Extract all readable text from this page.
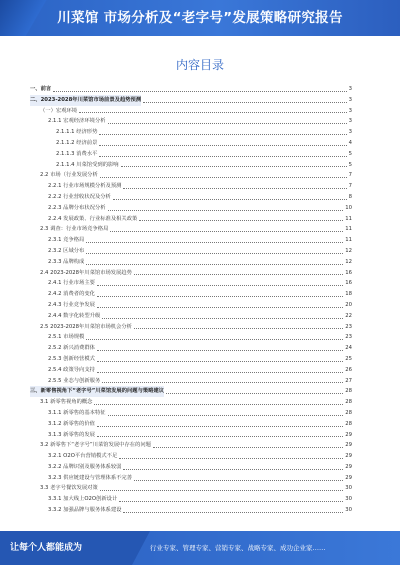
川菜馆 市场分析及“老字号”发展策略研究报告
内容目录
一、前言	3
二、2023-2028年川菜馆市场前景及趋势预测	3
（一）宏观环境	3
2.1.1 宏观经济环境分析	3
2.1.1.1 经济形势	3
2.1.1.2 经济前景	4
2.1.1.3 消费水平	5
2.1.1.4 川菜馆受到的影响	5
2.2 市场（行业发展分析	7
2.2.1 行业市场规模分析及预测	7
2.2.2 行业营收状况及分析	8
2.2.3 品牌分布状况分析	10
2.2.4 发展政策、行业标准及相关政策	11
2.3 调查：行业市场竞争格局	11
2.3.1 竞争格局	11
2.3.2 区域分布	12
2.3.3 品牌构成	12
2.4 2023-2028年川菜馆市场发展趋势	16
2.4.1 行业市场主要	16
2.4.2 消费者的变化	18
2.4.3 行业竞争发展	20
2.4.4 数字化转型升级	22
2.5 2023-2028年川菜馆市场机会分析	23
2.5.1 市场规模	23
2.5.2 新兴消费群体	24
2.5.3 创新经营模式	25
2.5.4 政策导向支持	26
2.5.5 业态与创新服务	27
三、新零售视角下“老字号”川菜馆发展的问题与策略建议	28
3.1 新零售视角的概念	28
3.1.1 新零售的基本特征	28
3.1.2 新零售的价值	28
3.1.3 新零售的发展	29
3.2 新零售下“老字号”川菜馆发展中存在的问题	29
3.2.1 O2O平台营销模式不足	29
3.2.2 品牌识别及服务体系较弱	29
3.2.3 供应链建设与管理体系不完善	29
3.3 老字号餐饮发展对策	30
3.3.1 加大线上O2O创新设计	30
3.3.2 加强品牌与服务体系建设	30
让每个人都能成为	行业专家、管理专家、营销专家、战略专家、成功企业家……
